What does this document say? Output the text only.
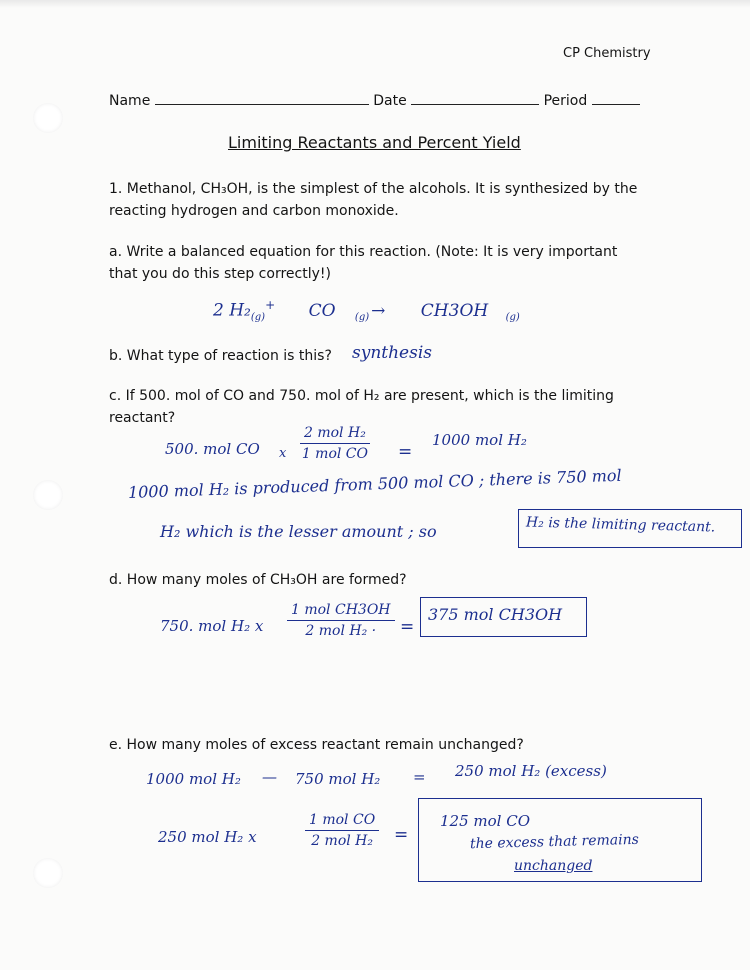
CP Chemistry
Name	Date	Period
Limiting Reactants and Percent Yield
1. Methanol, CH₃OH, is the simplest of the alcohols. It is synthesized by the
reacting hydrogen and carbon monoxide.
a. Write a balanced equation for this reaction. (Note: It is very important
that you do this step correctly!)
2 $H_2_{(g)}^+$ CO $_{(g)}$ → CH3OH $_{(g)}$
b. What type of reaction is this? synthesis
c. If 500. mol of CO and 750. mol of H₂ are present, which is the limiting
reactant?
500. mol CO x
2 mol H₂
1 mol CO =
1000 mol H₂
1000 mol H₂ is produced from 500 mol CO ; there is 750 mol
H₂ which is the lesser amount ; so	H₂ is the limiting reactant.
d. How many moles of CH₃OH are formed?
750. mol H₂ x
1 mol CH3OH
2 mol H₂ ·	=
375 mol CH3OH
e. How many moles of excess reactant remain unchanged?
1000 mol H₂ — 750 mol H₂ = 250 mol H₂ (excess)
250 mol H₂ x
1 mol CO
2 mol H₂	=
125 mol CO
the excess that remains
unchanged
